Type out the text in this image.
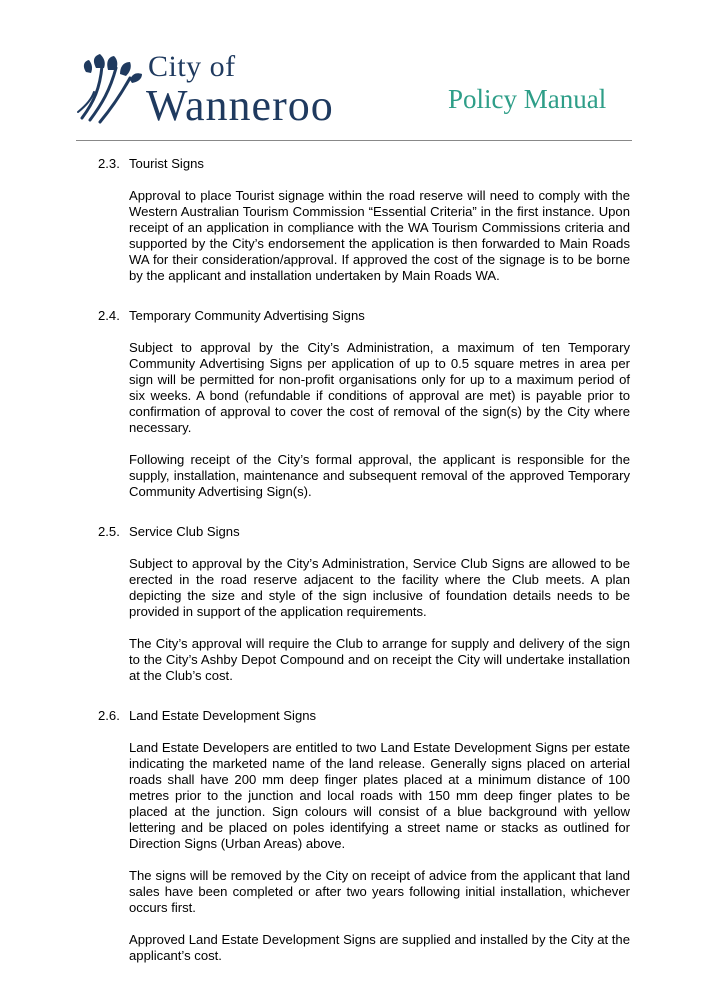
City of
Wanneroo	Policy Manual
2.3. Tourist Signs
Approval to place Tourist signage within the road reserve will need to comply with the Western Australian Tourism Commission “Essential Criteria” in the first instance. Upon receipt of an application in compliance with the WA Tourism Commissions criteria and supported by the City’s endorsement the application is then forwarded to Main Roads WA for their consideration/approval. If approved the cost of the signage is to be borne by the applicant and installation undertaken by Main Roads WA.
2.4. Temporary Community Advertising Signs
Subject to approval by the City’s Administration, a maximum of ten Temporary Community Advertising Signs per application of up to 0.5 square metres in area per sign will be permitted for non-profit organisations only for up to a maximum period of six weeks. A bond (refundable if conditions of approval are met) is payable prior to confirmation of approval to cover the cost of removal of the sign(s) by the City where necessary.
Following receipt of the City’s formal approval, the applicant is responsible for the supply, installation, maintenance and subsequent removal of the approved Temporary Community Advertising Sign(s).
2.5. Service Club Signs
Subject to approval by the City’s Administration, Service Club Signs are allowed to be erected in the road reserve adjacent to the facility where the Club meets. A plan depicting the size and style of the sign inclusive of foundation details needs to be provided in support of the application requirements.
The City’s approval will require the Club to arrange for supply and delivery of the sign to the City’s Ashby Depot Compound and on receipt the City will undertake installation at the Club’s cost.
2.6. Land Estate Development Signs
Land Estate Developers are entitled to two Land Estate Development Signs per estate indicating the marketed name of the land release. Generally signs placed on arterial roads shall have 200 mm deep finger plates placed at a minimum distance of 100 metres prior to the junction and local roads with 150 mm deep finger plates to be placed at the junction. Sign colours will consist of a blue background with yellow lettering and be placed on poles identifying a street name or stacks as outlined for Direction Signs (Urban Areas) above.
The signs will be removed by the City on receipt of advice from the applicant that land sales have been completed or after two years following initial installation, whichever occurs first.
Approved Land Estate Development Signs are supplied and installed by the City at the applicant’s cost.
